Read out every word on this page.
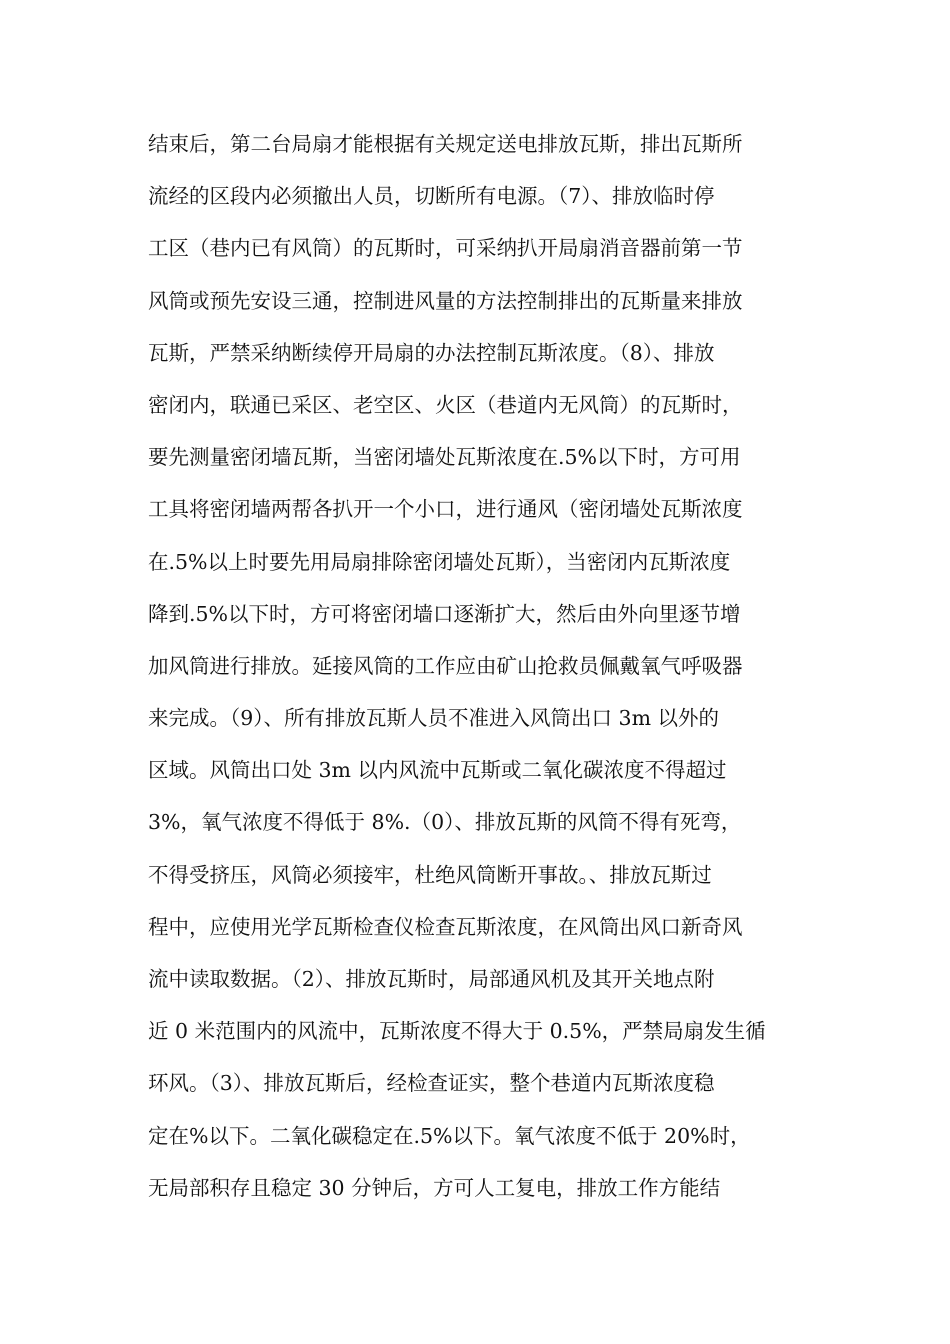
结束后，第二台局扇才能根据有关规定送电排放瓦斯，排出瓦斯所
流经的区段内必须撤出人员，切断所有电源。（7）、排放临时停
工区（巷内已有风筒）的瓦斯时，可采纳扒开局扇消音器前第一节
风筒或预先安设三通，控制进风量的方法控制排出的瓦斯量来排放
瓦斯，严禁采纳断续停开局扇的办法控制瓦斯浓度。（8）、排放
密闭内，联通已采区、老空区、火区（巷道内无风筒）的瓦斯时，
要先测量密闭墙瓦斯，当密闭墙处瓦斯浓度在.5%以下时，方可用
工具将密闭墙两帮各扒开一个小口，进行通风（密闭墙处瓦斯浓度
在.5%以上时要先用局扇排除密闭墙处瓦斯），当密闭内瓦斯浓度
降到.5%以下时，方可将密闭墙口逐渐扩大，然后由外向里逐节增
加风筒进行排放。延接风筒的工作应由矿山抢救员佩戴氧气呼吸器
来完成。（9）、所有排放瓦斯人员不准进入风筒出口 3m 以外的
区域。风筒出口处 3m 以内风流中瓦斯或二氧化碳浓度不得超过
3%，氧气浓度不得低于 8%.（0）、排放瓦斯的风筒不得有死弯，
不得受挤压，风筒必须接牢，杜绝风筒断开事故。、排放瓦斯过
程中，应使用光学瓦斯检查仪检查瓦斯浓度，在风筒出风口新奇风
流中读取数据。（2）、排放瓦斯时，局部通风机及其开关地点附
近 0 米范围内的风流中，瓦斯浓度不得大于 0.5%，严禁局扇发生循
环风。（3）、排放瓦斯后，经检查证实，整个巷道内瓦斯浓度稳
定在%以下。二氧化碳稳定在.5%以下。氧气浓度不低于 20%时，
无局部积存且稳定 30 分钟后，方可人工复电，排放工作方能结
